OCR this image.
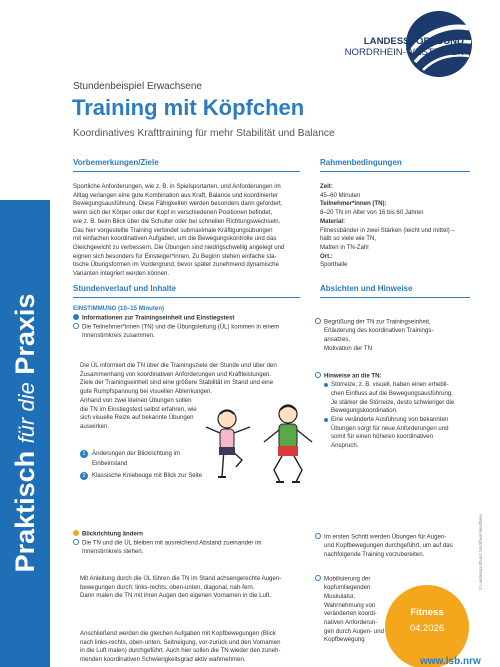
Praktisch für die Praxis
LANDESSPORTBUND
NORDRHEIN-WESTFALEN
Stundenbeispiel Erwachsene
Training mit Köpfchen
Koordinatives Krafttraining für mehr Stabilität und Balance
Vorbemerkungen/Ziele

Sportliche Anforderungen, wie z. B. in Spielsportarten, und Anforderungen im

Alltag verlangen eine gute Kombination aus Kraft, Balance und koordinierter

Bewegungsausführung. Diese Fähigkeiten werden besonders dann gefordert,

wenn sich der Körper oder der Kopf in verschiedenen Positionen befindet,

wie z. B. beim Blick über die Schulter oder bei schnellen Richtungswechseln.

Das hier vorgestellte Training verbindet submaximale Kräftigungsübungen

mit einfachen koordinativen Aufgaben, um die Bewegungskontrolle und das

Gleichgewicht zu verbessern. Die Übungen sind niedrigschwellig angelegt und

eignen sich besonders für Einsteiger*innen. Zu Beginn stehen einfache sta-

tische Übungsformen im Vordergrund, bevor später zunehmend dynamische

Varianten integriert werden können.

Rahmenbedingungen

Zeit:

45–60 Minuten

Teilnehmer*innen (TN):

8–20 TN im Alter von 16 bis 60 Jahren

Material:

Fitnessbänder in zwei Stärken (leicht und mittel) –

halb so viele wie TN,

Matten in TN-Zahl

Ort.:

Sporthalle

Stundenverlauf und Inhalte

EINSTIMMUNG (10–15 Minuten)

Informationen zur Trainingseinheit und Einstiegstest

Die Teilnehmer*innen (TN) und die Übungsleitung (ÜL) kommen in einem

Innenstirnkreis zusammen.

Die ÜL informiert die TN über die Trainingsziele der Stunde und über den

Zusammenhang von koordinativen Anforderungen und Kraftleistungen.

Ziele der Trainingseinheit sind eine größere Stabilität im Stand und eine

gute Rumpfspannung bei visuellen Ablenkungen.

Anhand von zwei kleinen Übungen sollen

die TN im Einstiegstest selbst erfahren, wie

sich visuelle Reize auf bekannte Übungen

auswirken.

1 Änderungen der Blickrichtung im

Einbeinstand

2 Klassische Kniebeuge mit Blick zur Seite

Blickrichtung ändern

Die TN und die ÜL bleiben mit ausreichend Abstand zueinander im

Innenstirnkreis stehen.

Mit Anleitung durch die ÜL führen die TN im Stand achsengerechte Augen-

bewegungen durch: links-rechts, oben-unten, diagonal, nah-fern.

Dann malen die TN mit ihren Augen den eigenen Vornamen in die Luft.

Anschließend werden die gleichen Aufgaben mit Kopfbewegungen (Blick

nach links-rechts, oben-unten, Seitneigung, vor-zurück und den Vornamen

in die Luft malen) durchgeführt. Auch hier sollen die TN wieder den zuneh-

menden koordinativen Schwierigkeitsgrad aktiv wahrnehmen.

Absichten und Hinweise

Begrüßung der TN zur Trainingseinheit,

Erläuterung des koordinativen Trainings-

ansatzes,

Motivation der TN

Hinweise an die TN:

Störreize, z. B. visuell, haben einen erhebli-

chen Einfluss auf die Bewegungsausführung.

Je stärker die Störreize, desto schwieriger die

Bewegungskoordination.

Eine veränderte Ausführung von bekannten

Übungen sorgt für neue Anforderungen und

somit für einen höheren koordinativen

Anspruch.

Im ersten Schritt werden Übungen für Augen-

und Kopfbewegungen durchgeführt, um auf das

nachfolgende Training vorzubereiten.

Mobilisierung der

kopfumliegenden

Muskulatur,

Wahrnehmung von

veränderten koordi-

nativen Anforderun-

gen durch Augen- und

Kopfbewegung

Fitness
04.2026
www.lsb.nrw
© Landessportbund Nordrhein-Westfalen
